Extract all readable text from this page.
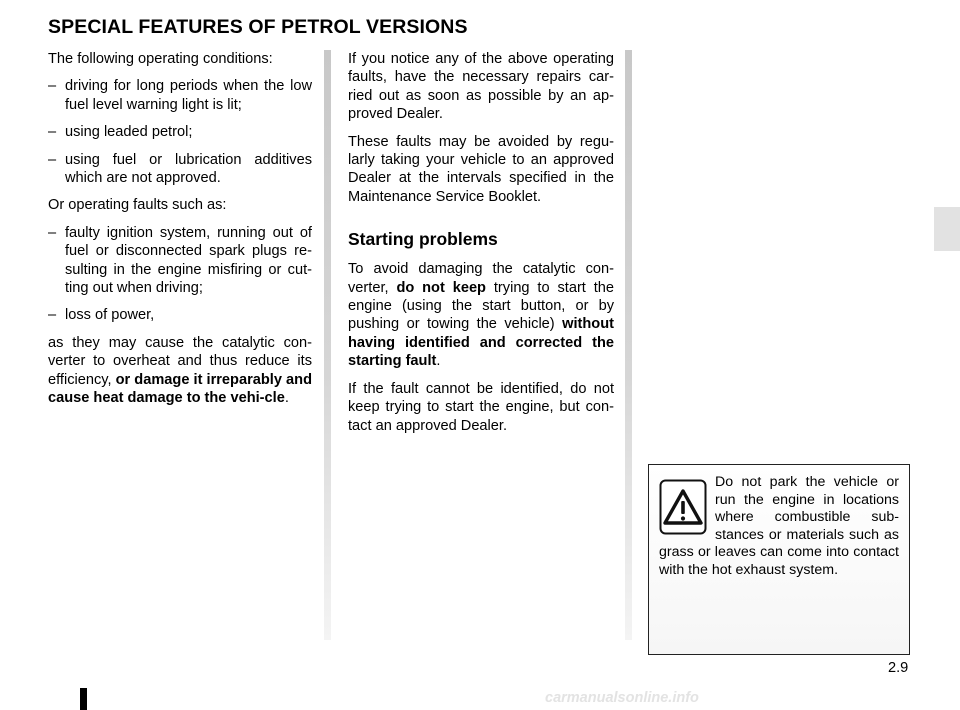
SPECIAL FEATURES OF PETROL VERSIONS

The following operating conditions:

– driving for long periods when the low fuel level warning light is lit;
– using leaded petrol;
– using fuel or lubrication additives which are not approved.

Or operating faults such as:

– faulty ignition system, running out of fuel or disconnected spark plugs re-sulting in the engine misfiring or cut-ting out when driving;
– loss of power,

as they may cause the catalytic con-verter to overheat and thus reduce its efficiency, or damage it irreparably and cause heat damage to the vehi-cle.

If you notice any of the above operating faults, have the necessary repairs car-ried out as soon as possible by an ap-proved Dealer.

These faults may be avoided by regu-larly taking your vehicle to an approved Dealer at the intervals specified in the Maintenance Service Booklet.

Starting problems

To avoid damaging the catalytic con-verter, do not keep trying to start the engine (using the start button, or by pushing or towing the vehicle) without having identified and corrected the starting fault.

If the fault cannot be identified, do not keep trying to start the engine, but con-tact an approved Dealer.

Do not park the vehicle or run the engine in locations where combustible sub-stances or materials such as grass or leaves can come into contact with the hot exhaust system.

2.9
carmanualsonline.info
